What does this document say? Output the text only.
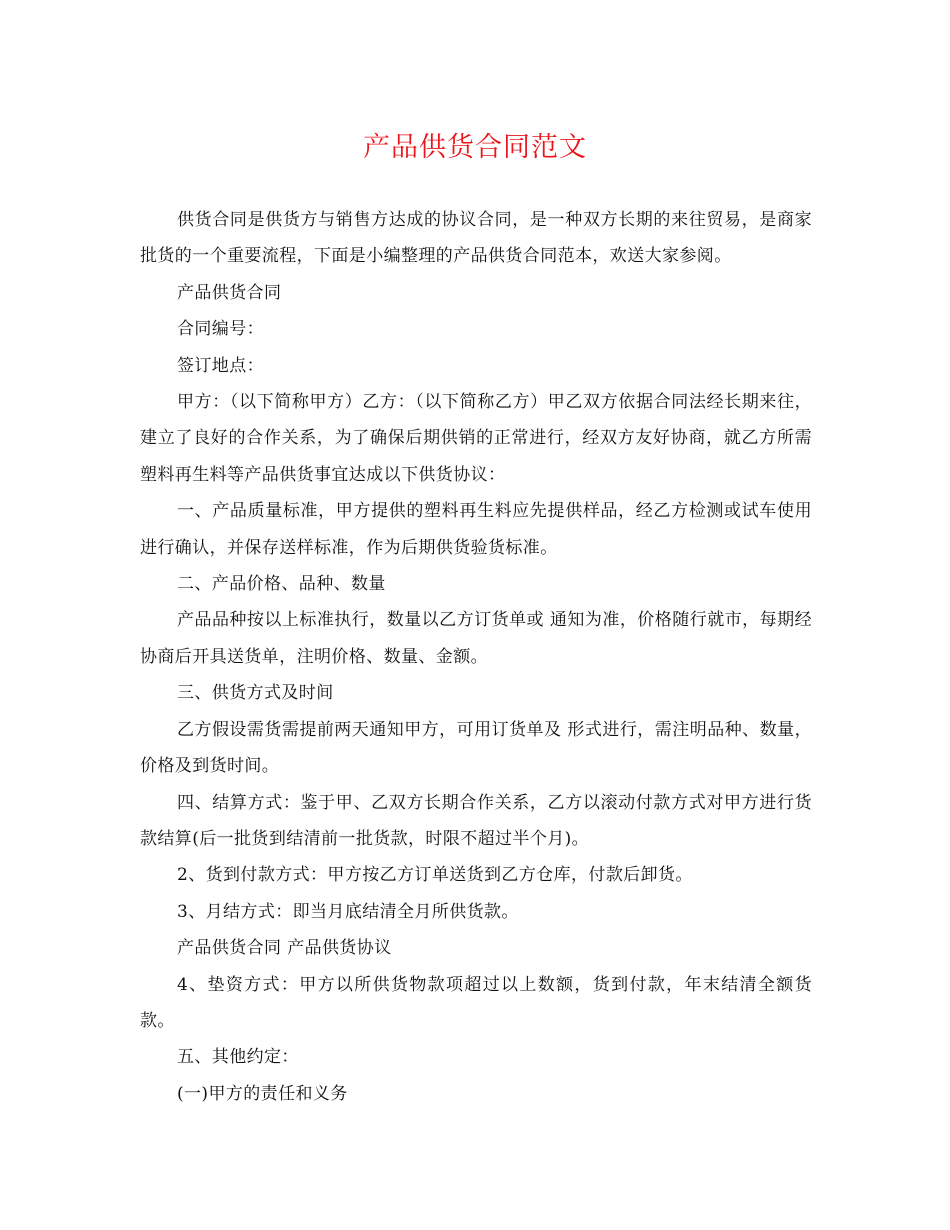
产品供货合同范文

供货合同是供货方与销售方达成的协议合同，是一种双方长期的来往贸易，是商家批货的一个重要流程，下面是小编整理的产品供货合同范本，欢送大家参阅。

产品供货合同

合同编号：

签订地点：

甲方：（以下简称甲方）乙方：（以下简称乙方）甲乙双方依据合同法经长期来往，建立了良好的合作关系，为了确保后期供销的正常进行，经双方友好协商，就乙方所需塑料再生料等产品供货事宜达成以下供货协议：

一、产品质量标准，甲方提供的塑料再生料应先提供样品，经乙方检测或试车使用进行确认，并保存送样标准，作为后期供货验货标准。

二、产品价格、品种、数量

产品品种按以上标准执行，数量以乙方订货单或 通知为准，价格随行就市，每期经协商后开具送货单，注明价格、数量、金额。

三、供货方式及时间

乙方假设需货需提前两天通知甲方，可用订货单及 形式进行，需注明品种、数量，价格及到货时间。

四、结算方式：鉴于甲、乙双方长期合作关系，乙方以滚动付款方式对甲方进行货款结算(后一批货到结清前一批货款，时限不超过半个月)。

2、货到付款方式：甲方按乙方订单送货到乙方仓库，付款后卸货。

3、月结方式：即当月底结清全月所供货款。

产品供货合同 产品供货协议

4、垫资方式：甲方以所供货物款项超过以上数额，货到付款，年末结清全额货款。

五、其他约定：

(一)甲方的责任和义务
